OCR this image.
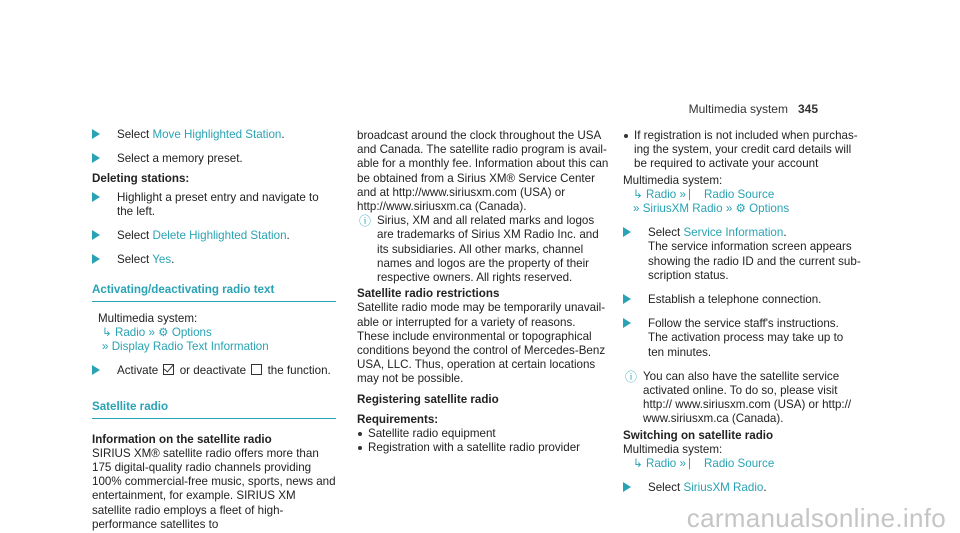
Multimedia system 345
Select Move Highlighted Station.
Select a memory preset.

Deleting stations:

Highlight a preset entry and navigate to the left.
Select Delete Highlighted Station.
Select Yes.
Activating/deactivating radio text

Multimedia system:

↳ Radio » ⚙ Options
» Display Radio Text Information
Activate or deactivate the function.
Satellite radio

Information on the satellite radio

SIRIUS XM® satellite radio offers more than 175 digital-quality radio channels providing 100% commercial-free music, sports, news and entertainment, for example. SIRIUS XM satellite radio employs a fleet of high-performance satellites to

broadcast around the clock throughout the USA and Canada. The satellite radio program is available for a monthly fee. Information about this can be obtained from a Sirius XM® Service Center and at http://www.siriusxm.com (USA) or http://www.siriusxm.ca (Canada).

ⓘ Sirius, XM and all related marks and logos are trademarks of Sirius XM Radio Inc. and its subsidiaries. All other marks, channel names and logos are the property of their respective owners. All rights reserved.

Satellite radio restrictions

Satellite radio mode may be temporarily unavailable or interrupted for a variety of reasons. These include environmental or topographical conditions beyond the control of Mercedes-Benz USA, LLC. Thus, operation at certain locations may not be possible.

Registering satellite radio

Requirements:

Satellite radio equipment
Registration with a satellite radio provider
If registration is not included when purchasing the system, your credit card details will be required to activate your account

Multimedia system:

↳ Radio » ⎸ Radio Source
» SiriusXM Radio » ⚙ Options
Select Service Information.
The service information screen appears showing the radio ID and the current subscription status.
Establish a telephone connection.
Follow the service staff's instructions. The activation process may take up to ten minutes.
ⓘ You can also have the satellite service activated online. To do so, please visit http:// www.siriusxm.com (USA) or http:// www.siriusxm.ca (Canada).

Switching on satellite radio

Multimedia system:

↳ Radio » ⎸ Radio Source
Select SiriusXM Radio.
carmanualsonline.info
